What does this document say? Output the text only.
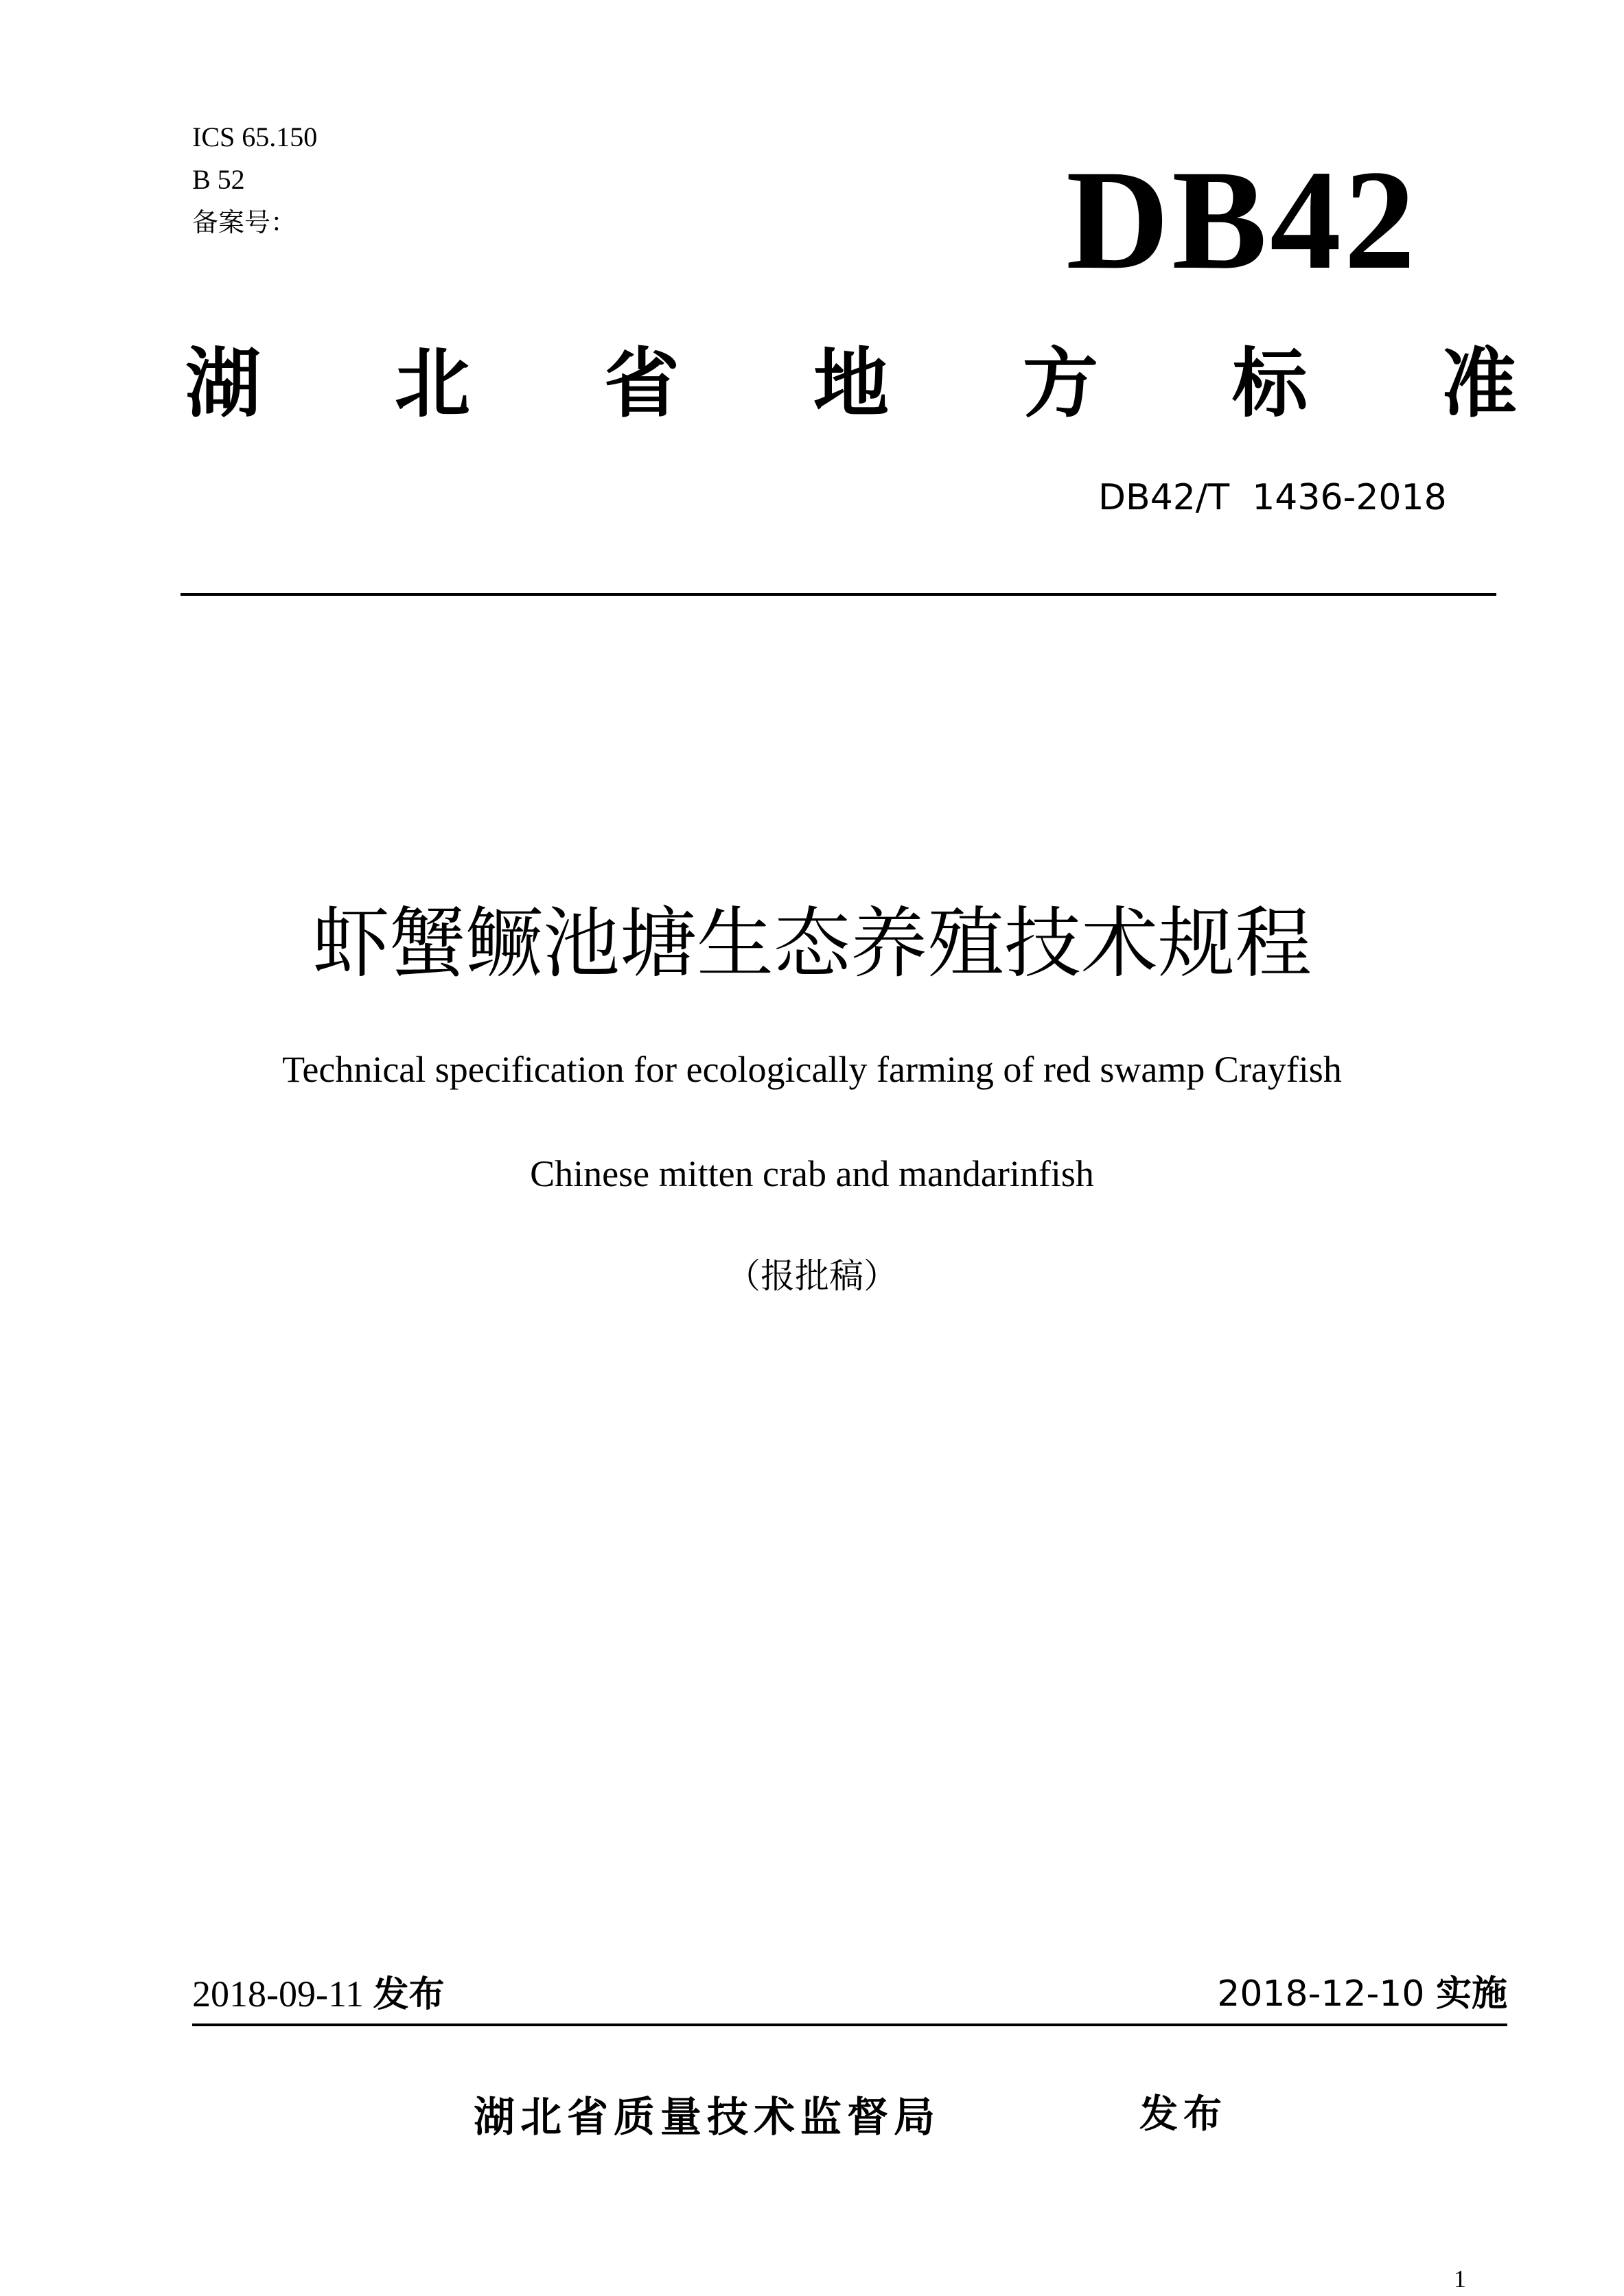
ICS 65.150
B 52
备案号：	DB42
湖 北 省 地 方 标 准
DB42/T  1436-2018
虾蟹鳜池塘生态养殖技术规程
Technical specification for ecologically farming of red swamp Crayfish
Chinese mitten crab and mandarinfish
（报批稿）
2018-09-11 发布	2018-12-10 实施
湖北省质量技术监督局	发布
1
